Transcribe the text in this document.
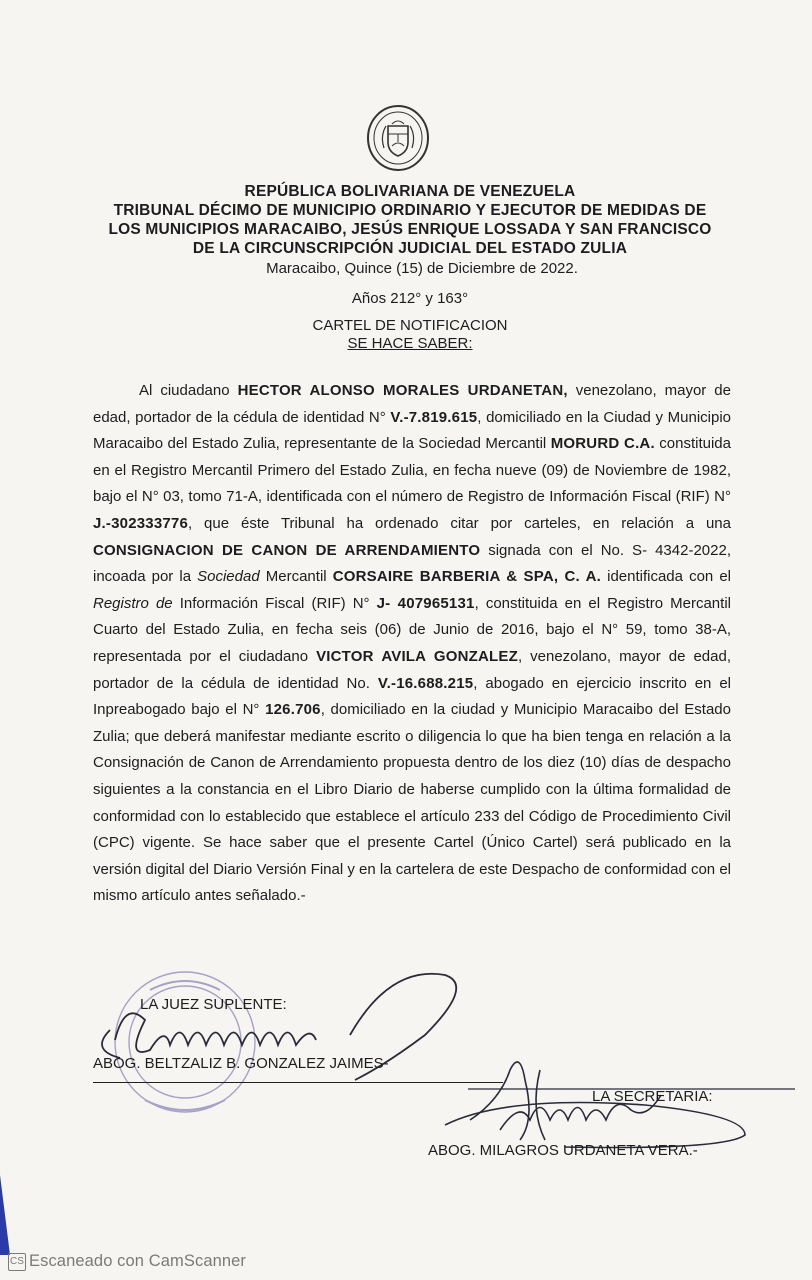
REPÚBLICA BOLIVARIANA DE VENEZUELA
TRIBUNAL DÉCIMO DE MUNICIPIO ORDINARIO Y EJECUTOR DE MEDIDAS DE
LOS MUNICIPIOS MARACAIBO, JESÚS ENRIQUE LOSSADA Y SAN FRANCISCO
DE LA CIRCUNSCRIPCIÓN JUDICIAL DEL ESTADO ZULIA
Maracaibo, Quince (15) de Diciembre de 2022.
Años 212° y 163°
CARTEL DE NOTIFICACION
SE HACE SABER:
Al ciudadano HECTOR ALONSO MORALES URDANETAN, venezolano, mayor de edad, portador de la cédula de identidad N° V.-7.819.615, domiciliado en la Ciudad y Municipio Maracaibo del Estado Zulia, representante de la Sociedad Mercantil MORURD C.A. constituida en el Registro Mercantil Primero del Estado Zulia, en fecha nueve (09) de Noviembre de 1982, bajo el N° 03, tomo 71-A, identificada con el número de Registro de Información Fiscal (RIF) N° J.-302333776, que éste Tribunal ha ordenado citar por carteles, en relación a una CONSIGNACION DE CANON DE ARRENDAMIENTO signada con el No. S- 4342-2022, incoada por la Sociedad Mercantil CORSAIRE BARBERIA & SPA, C. A. identificada con el Registro de Información Fiscal (RIF) N° J- 407965131, constituida en el Registro Mercantil Cuarto del Estado Zulia, en fecha seis (06) de Junio de 2016, bajo el N° 59, tomo 38-A, representada por el ciudadano VICTOR AVILA GONZALEZ, venezolano, mayor de edad, portador de la cédula de identidad No. V.-16.688.215, abogado en ejercicio inscrito en el Inpreabogado bajo el N° 126.706, domiciliado en la ciudad y Municipio Maracaibo del Estado Zulia; que deberá manifestar mediante escrito o diligencia lo que ha bien tenga en relación a la Consignación de Canon de Arrendamiento propuesta dentro de los diez (10) días de despacho siguientes a la constancia en el Libro Diario de haberse cumplido con la última formalidad de conformidad con lo establecido que establece el artículo 233 del Código de Procedimiento Civil (CPC) vigente. Se hace saber que el presente Cartel (Único Cartel) será publicado en la versión digital del Diario Versión Final y en la cartelera de este Despacho de conformidad con el mismo artículo antes señalado.-
LA JUEZ SUPLENTE:
ABOG. BELTZALIZ B. GONZALEZ JAIMES-
LA SECRETARIA:
ABOG. MILAGROS URDANETA VERA.-
CS Escaneado con CamScanner
